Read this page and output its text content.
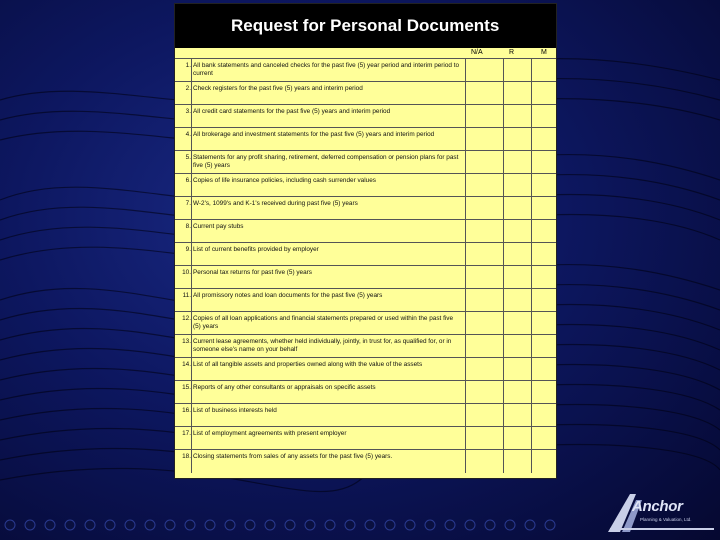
Request for Personal Documents
N/A	R	M
1. All bank statements and canceled checks for the past five (5) year period and interim period to current
2. Check registers for the past five (5) years and interim period
3. All credit card statements for the past five (5) years and interim period
4. All brokerage and investment statements for the past five (5) years and interim period
5. Statements for any profit sharing, retirement, deferred compensation or pension plans for past five (5) years
6. Copies of life insurance policies, including cash surrender values
7. W-2's, 1099's and K-1's received during past five (5) years
8. Current pay stubs
9. List of current benefits provided by employer
10. Personal tax returns for past five (5) years
11. All promissory notes and loan documents for the past five (5) years
12. Copies of all loan applications and financial statements prepared or used within the past five (5) years
13. Current lease agreements, whether held individually, jointly, in trust for, as qualified for, or in someone else's name on your behalf
14. List of all tangible assets and properties owned along with the value of the assets
15. Reports of any other consultants or appraisals on specific assets
16. List of business interests held
17. List of employment agreements with present employer
18. Closing statements from sales of any assets for the past five (5) years.
Anchor
Planning & Valuation, Ltd.
